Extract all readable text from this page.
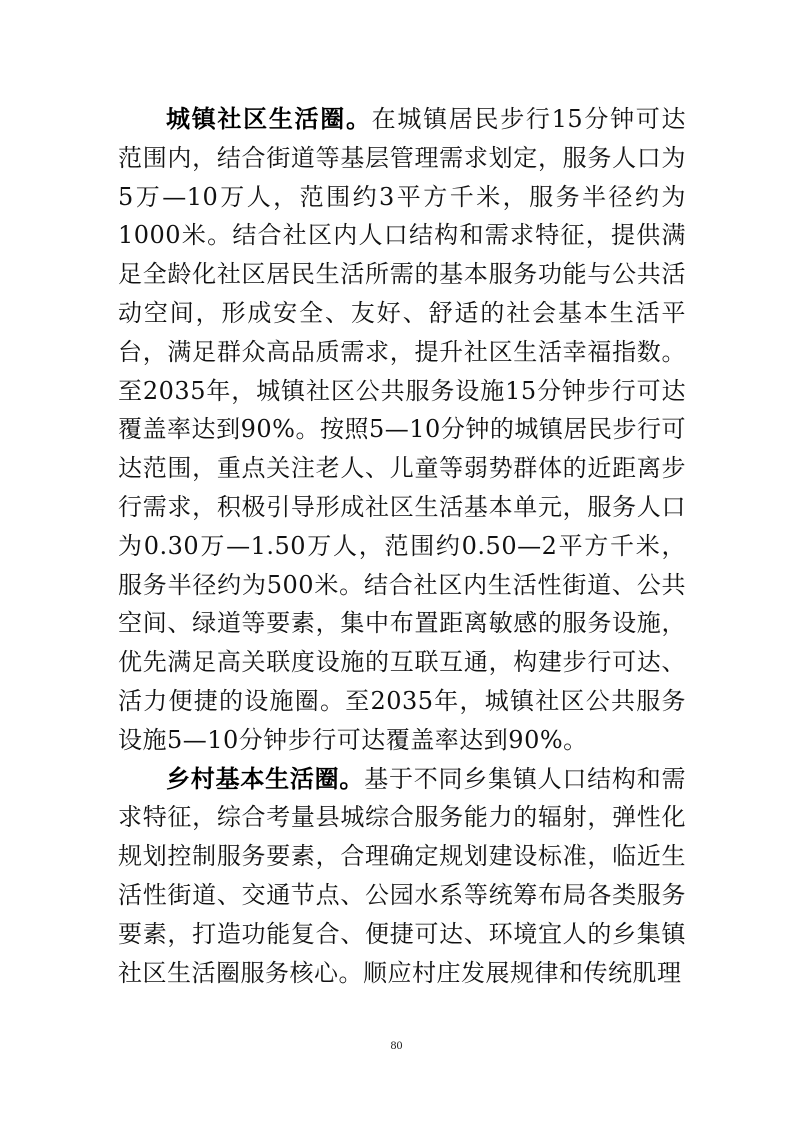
城镇社区生活圈。在城镇居民步行15分钟可达范围内，结合街道等基层管理需求划定，服务人口为5万—10万人，范围约3平方千米，服务半径约为1000米。结合社区内人口结构和需求特征，提供满足全龄化社区居民生活所需的基本服务功能与公共活动空间，形成安全、友好、舒适的社会基本生活平台，满足群众高品质需求，提升社区生活幸福指数。至2035年，城镇社区公共服务设施15分钟步行可达覆盖率达到90%。按照5—10分钟的城镇居民步行可达范围，重点关注老人、儿童等弱势群体的近距离步行需求，积极引导形成社区生活基本单元，服务人口为0.30万—1.50万人，范围约0.50—2平方千米，服务半径约为500米。结合社区内生活性街道、公共空间、绿道等要素，集中布置距离敏感的服务设施，优先满足高关联度设施的互联互通，构建步行可达、活力便捷的设施圈。至2035年，城镇社区公共服务设施5—10分钟步行可达覆盖率达到90%。

乡村基本生活圈。基于不同乡集镇人口结构和需求特征，综合考量县城综合服务能力的辐射，弹性化规划控制服务要素，合理确定规划建设标准，临近生活性街道、交通节点、公园水系等统筹布局各类服务要素，打造功能复合、便捷可达、环境宜人的乡集镇社区生活圈服务核心。顺应村庄发展规律和传统肌理

80
